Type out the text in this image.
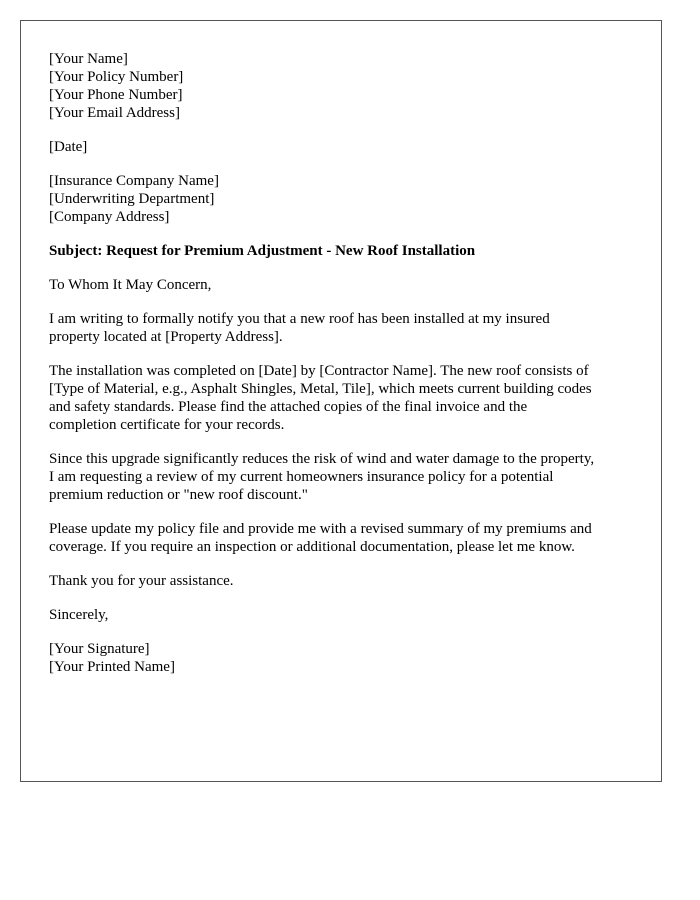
[Your Name]
[Your Policy Number]
[Your Phone Number]
[Your Email Address]
[Date]
[Insurance Company Name]
[Underwriting Department]
[Company Address]
Subject: Request for Premium Adjustment - New Roof Installation
To Whom It May Concern,
I am writing to formally notify you that a new roof has been installed at my insured
property located at [Property Address].
The installation was completed on [Date] by [Contractor Name]. The new roof consists of
[Type of Material, e.g., Asphalt Shingles, Metal, Tile], which meets current building codes
and safety standards. Please find the attached copies of the final invoice and the
completion certificate for your records.
Since this upgrade significantly reduces the risk of wind and water damage to the property,
I am requesting a review of my current homeowners insurance policy for a potential
premium reduction or "new roof discount."
Please update my policy file and provide me with a revised summary of my premiums and
coverage. If you require an inspection or additional documentation, please let me know.
Thank you for your assistance.
Sincerely,
[Your Signature]
[Your Printed Name]
